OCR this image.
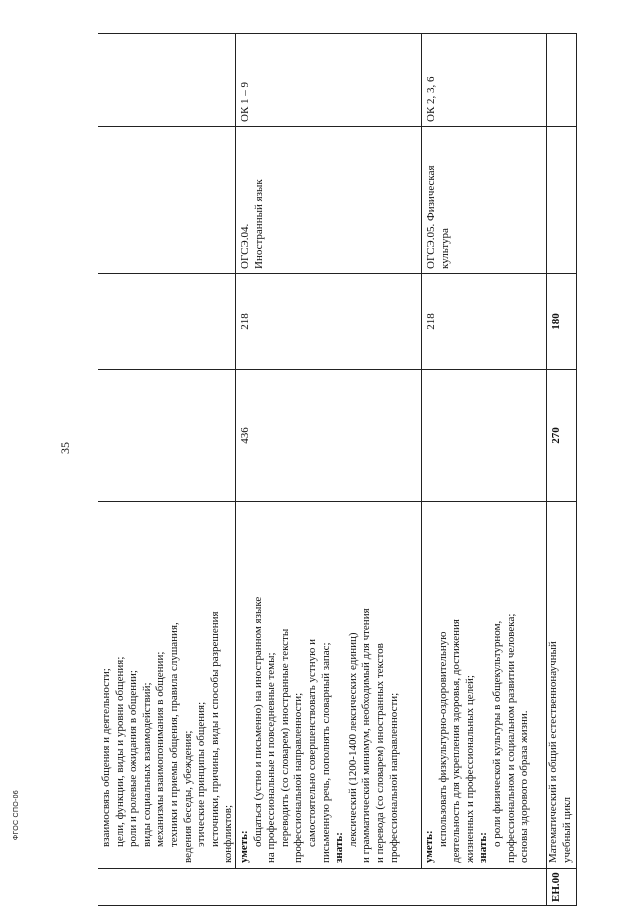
35
ФГОС СПО-06	взаимосвязь общения и деятельности; цели, функции, виды и уровни общения; роли и ролевые ожидания в общении; виды социальных взаимодействий; механизмы взаимопонимания в общении; техники и приемы общения, правила слушания, ведения беседы, убеждения; этические принципы общения; источники, причины, виды и способы разрешения конфликтов; уметь: общаться (устно и письменно) на иностранном языке на профессиональные и повседневные темы; переводить (со словарем) иностранные тексты профессиональной направленности; самостоятельно совершенствовать устную и письменную речь, пополнять словарный запас; знать:
лексический (1200-1400 лексических единиц) и грамматический минимум, необходимый для чтения и перевода (со словарем) иностранных текстов профессиональной направленности;
436
218
ОГСЭ.04. Иностранный язык
ОК 1 – 9
уметь: использовать физкультурно-оздоровительную деятельность для укрепления здоровья, достижения жизненных и профессиональных целей; знать:
о роли физической культуры в общекультурном, профессиональном и социальном развитии человека; основы здорового образа жизни.
218
ОГСЭ.05. Физическая культура
ОК 2, 3, 6
ЕН.00
Математический и общий естественнонаучный учебный цикл
270
180
